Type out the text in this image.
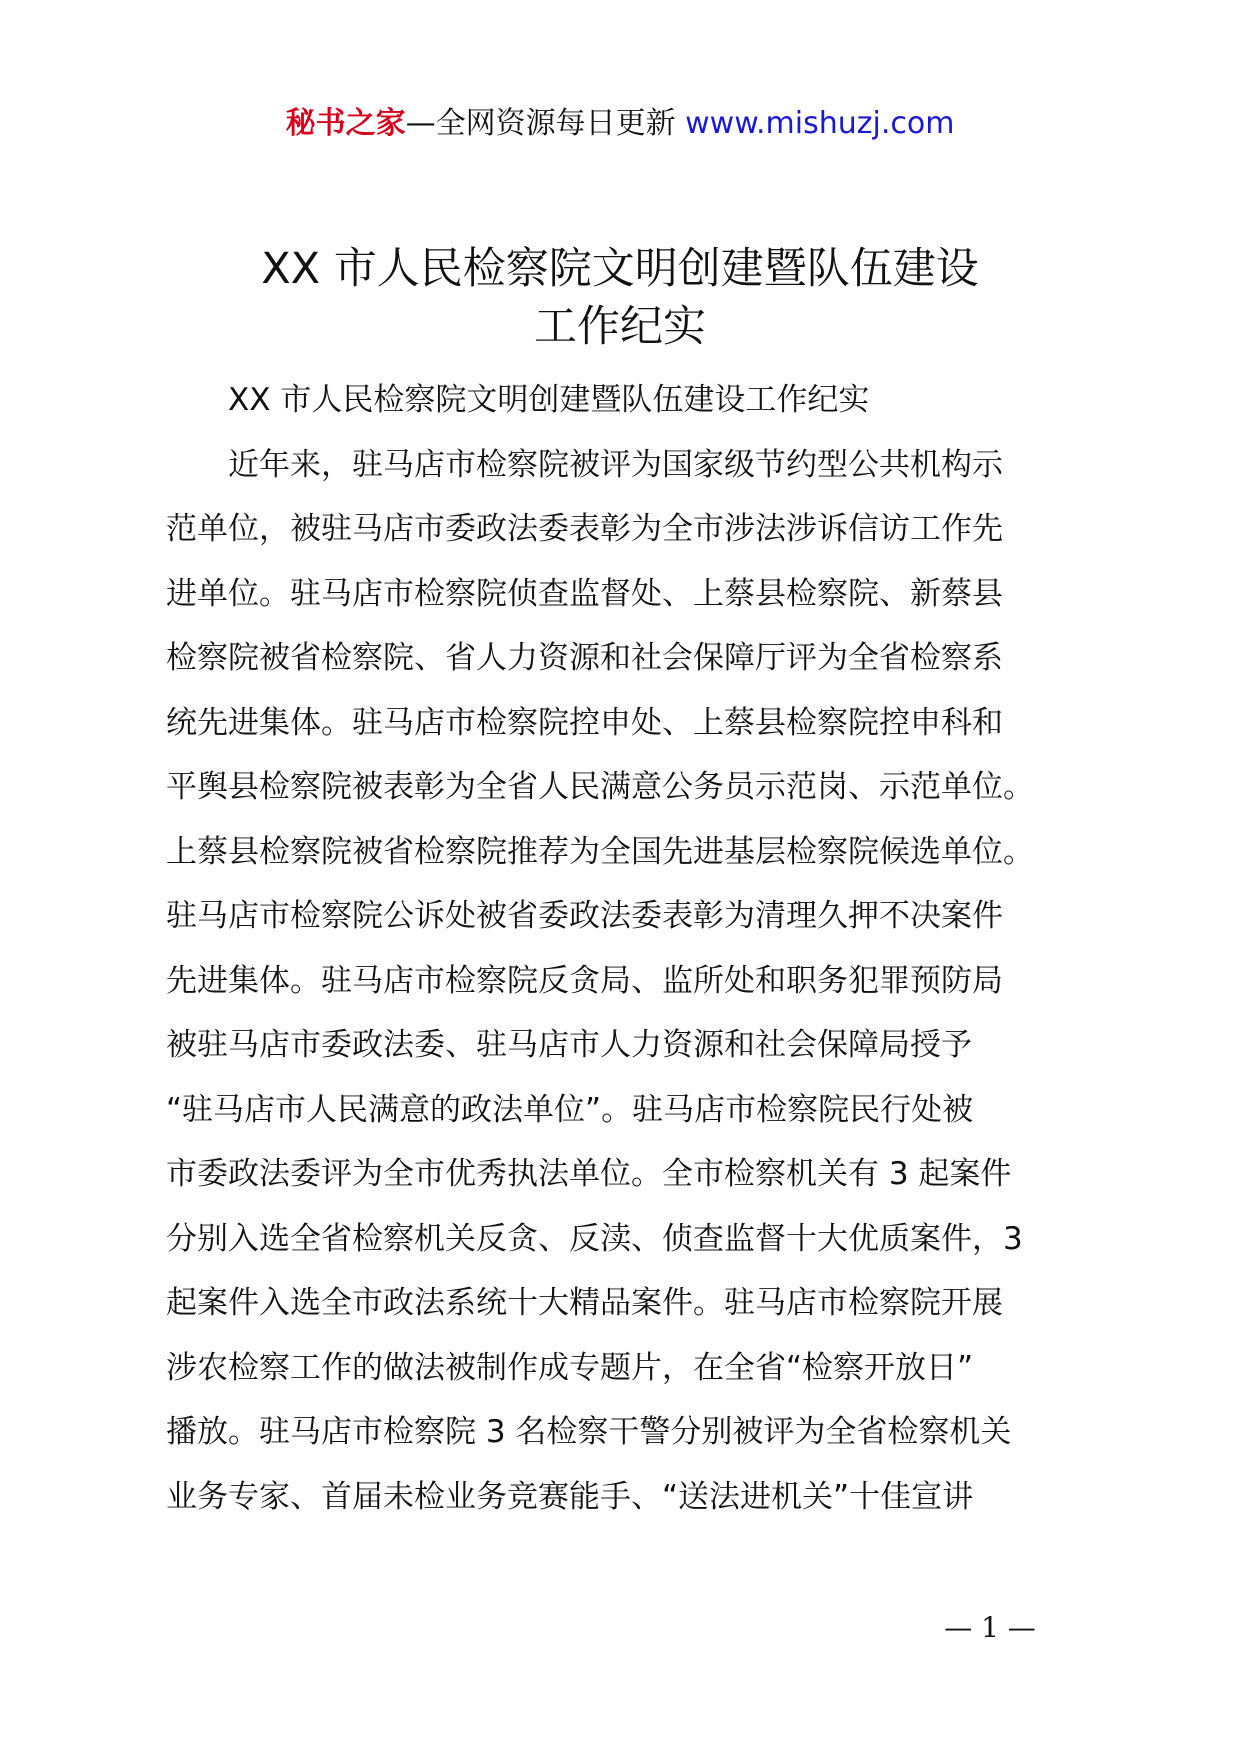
秘书之家—全网资源每日更新 www.mishuzj.com
XX 市人民检察院文明创建暨队伍建设
工作纪实
XX 市人民检察院文明创建暨队伍建设工作纪实
近年来，驻马店市检察院被评为国家级节约型公共机构示
范单位，被驻马店市委政法委表彰为全市涉法涉诉信访工作先
进单位。驻马店市检察院侦查监督处、上蔡县检察院、新蔡县
检察院被省检察院、省人力资源和社会保障厅评为全省检察系
统先进集体。驻马店市检察院控申处、上蔡县检察院控申科和
平舆县检察院被表彰为全省人民满意公务员示范岗、示范单位。
上蔡县检察院被省检察院推荐为全国先进基层检察院候选单位。
驻马店市检察院公诉处被省委政法委表彰为清理久押不决案件
先进集体。驻马店市检察院反贪局、监所处和职务犯罪预防局
被驻马店市委政法委、驻马店市人力资源和社会保障局授予
“驻马店市人民满意的政法单位”。驻马店市检察院民行处被
市委政法委评为全市优秀执法单位。全市检察机关有 3 起案件
分别入选全省检察机关反贪、反渎、侦查监督十大优质案件，3
起案件入选全市政法系统十大精品案件。驻马店市检察院开展
涉农检察工作的做法被制作成专题片，在全省“检察开放日”
播放。驻马店市检察院 3 名检察干警分别被评为全省检察机关
业务专家、首届未检业务竞赛能手、“送法进机关”十佳宣讲
— 1 —
